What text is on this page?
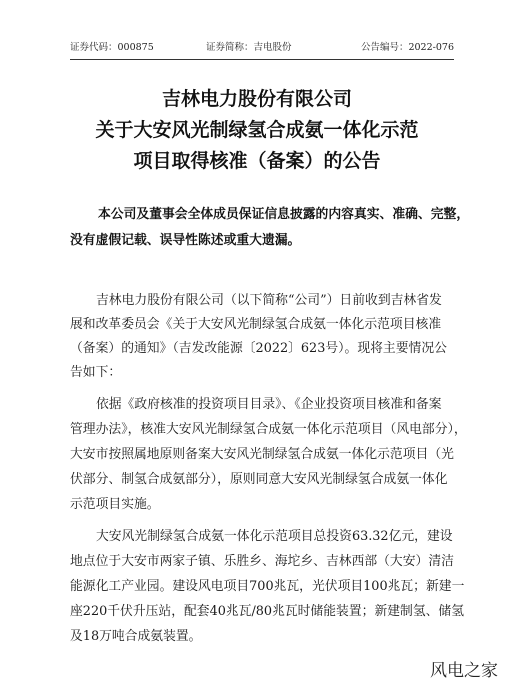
证券代码：000875	证券简称：吉电股份	公告编号：2022-076
吉林电力股份有限公司
关于大安风光制绿氢合成氨一体化示范
项目取得核准（备案）的公告
本公司及董事会全体成员保证信息披露的内容真实、准确、完整，
没有虚假记载、误导性陈述或重大遗漏。
吉林电力股份有限公司（以下简称“公司”）日前收到吉林省发
展和改革委员会《关于大安风光制绿氢合成氨一体化示范项目核准
（备案）的通知》（吉发改能源〔2022〕623号）。现将主要情况公
告如下：
依据《政府核准的投资项目目录》、《企业投资项目核准和备案
管理办法》，核准大安风光制绿氢合成氨一体化示范项目（风电部分），
大安市按照属地原则备案大安风光制绿氢合成氨一体化示范项目（光
伏部分、制氢合成氨部分），原则同意大安风光制绿氢合成氨一体化
示范项目实施。
大安风光制绿氢合成氨一体化示范项目总投资63.32亿元，建设
地点位于大安市两家子镇、乐胜乡、海坨乡、吉林西部（大安）清洁
能源化工产业园。建设风电项目700兆瓦，光伏项目100兆瓦；新建一
座220千伏升压站，配套40兆瓦/80兆瓦时储能装置；新建制氢、储氢
及18万吨合成氨装置。
风电之家
